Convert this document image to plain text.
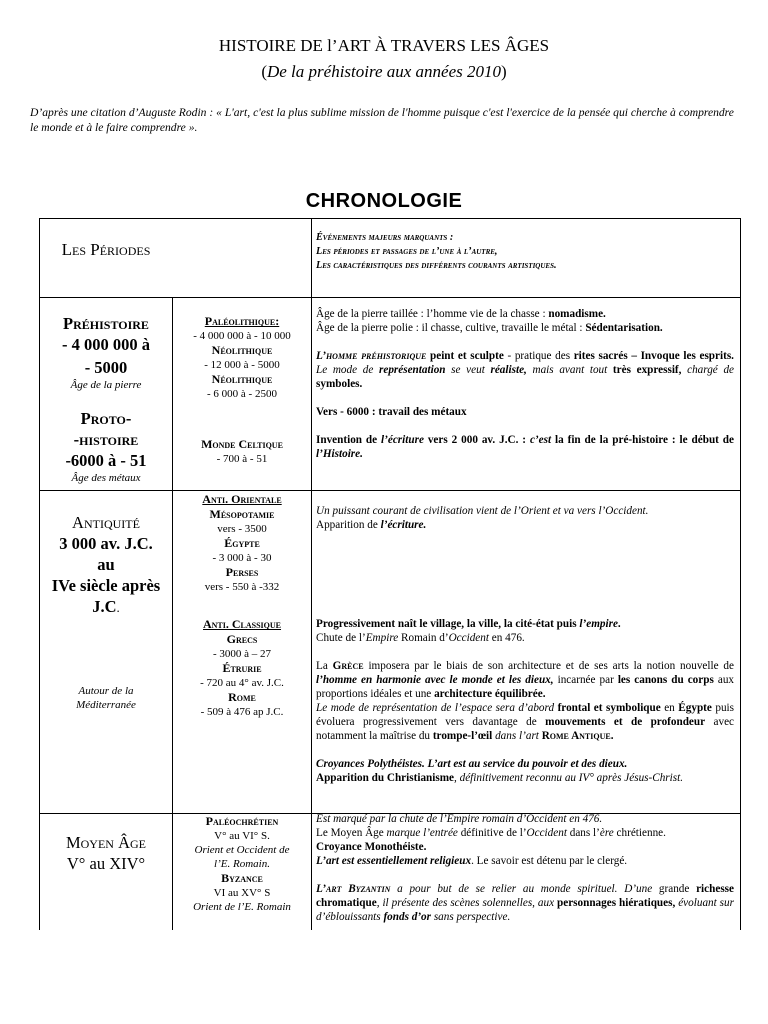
HISTOIRE DE l’ART À TRAVERS LES ÂGES
(De la préhistoire aux années 2010)
D’après une citation d’Auguste Rodin : « L'art, c'est la plus sublime mission de l'homme puisque c'est l'exercice de la pensée qui cherche à comprendre le monde et à le faire comprendre ».
CHRONOLOGIE
Les Périodes
Événements majeurs marquants :
Les périodes et passages de l’une à l’autre,
Les caractéristiques des différents courants artistiques.
Préhistoire
- 4 000 000 à
- 5000
Âge de la pierre
Proto-
-histoire
-6000 à - 51
Âge des métaux
Paléolithique:
- 4 000 000 à - 10 000
Néolithique
- 12 000 à - 5000
Néolithique
- 6 000 à - 2500
Monde Celtique
- 700 à - 51

Âge de la pierre taillée : l’homme vie de la chasse : nomadisme.

Âge de la pierre polie : il chasse, cultive, travaille le métal : Sédentarisation.

L’homme préhistorique peint et sculpte - pratique des rites sacrés – Invoque les esprits. Le mode de représentation se veut réaliste, mais avant tout très expressif, chargé de symboles.

Vers - 6000 : travail des métaux

Invention de l’écriture vers 2 000 av. J.C. : c’est la fin de la pré-histoire : le début de l’Histoire.

Antiquité
3 000 av. J.C.
au
IVe siècle après
J.C.
Autour de la Méditerranée
Anti. Orientale
Mésopotamie
vers - 3500
Égypte
- 3 000 à - 30
Perses
vers - 550 à -332
Anti. Classique
Grecs
- 3000 à – 27
Étrurie
- 720 au 4° av. J.C.
Rome
- 509 à 476 ap J.C.

Un puissant courant de civilisation vient de l’Orient et va vers l’Occident.

Apparition de l’écriture.

Progressivement naît le village, la ville, la cité-état puis l’empire.

Chute de l’Empire Romain d’Occident en 476.

La Grèce imposera par le biais de son architecture et de ses arts la notion nouvelle de l’homme en harmonie avec le monde et les dieux, incarnée par les canons du corps aux proportions idéales et une architecture équilibrée.

Le mode de représentation de l’espace sera d’abord frontal et symbolique en Égypte puis évoluera progressivement vers davantage de mouvements et de profondeur avec notamment la maîtrise du trompe-l’œil dans l’art Rome Antique.

Croyances Polythéistes. L’art est au service du pouvoir et des dieux.

Apparition du Christianisme, définitivement reconnu au IV° après Jésus-Christ.

Moyen Âge
V° au XIV°
Paléochrétien
V° au VI° S.
Orient et Occident de
l’E. Romain.
Byzance
VI au XV° S
Orient de l’E. Romain

Est marqué par la chute de l’Empire romain d’Occident en 476.

Le Moyen Âge marque l’entrée définitive de l’Occident dans l’ère chrétienne.

Croyance Monothéiste.

L’art est essentiellement religieux. Le savoir est détenu par le clergé.

L’art Byzantin a pour but de se relier au monde spirituel. D’une grande richesse chromatique, il présente des scènes solennelles, aux personnages hiératiques, évoluant sur d’éblouissants fonds d’or sans perspective.
